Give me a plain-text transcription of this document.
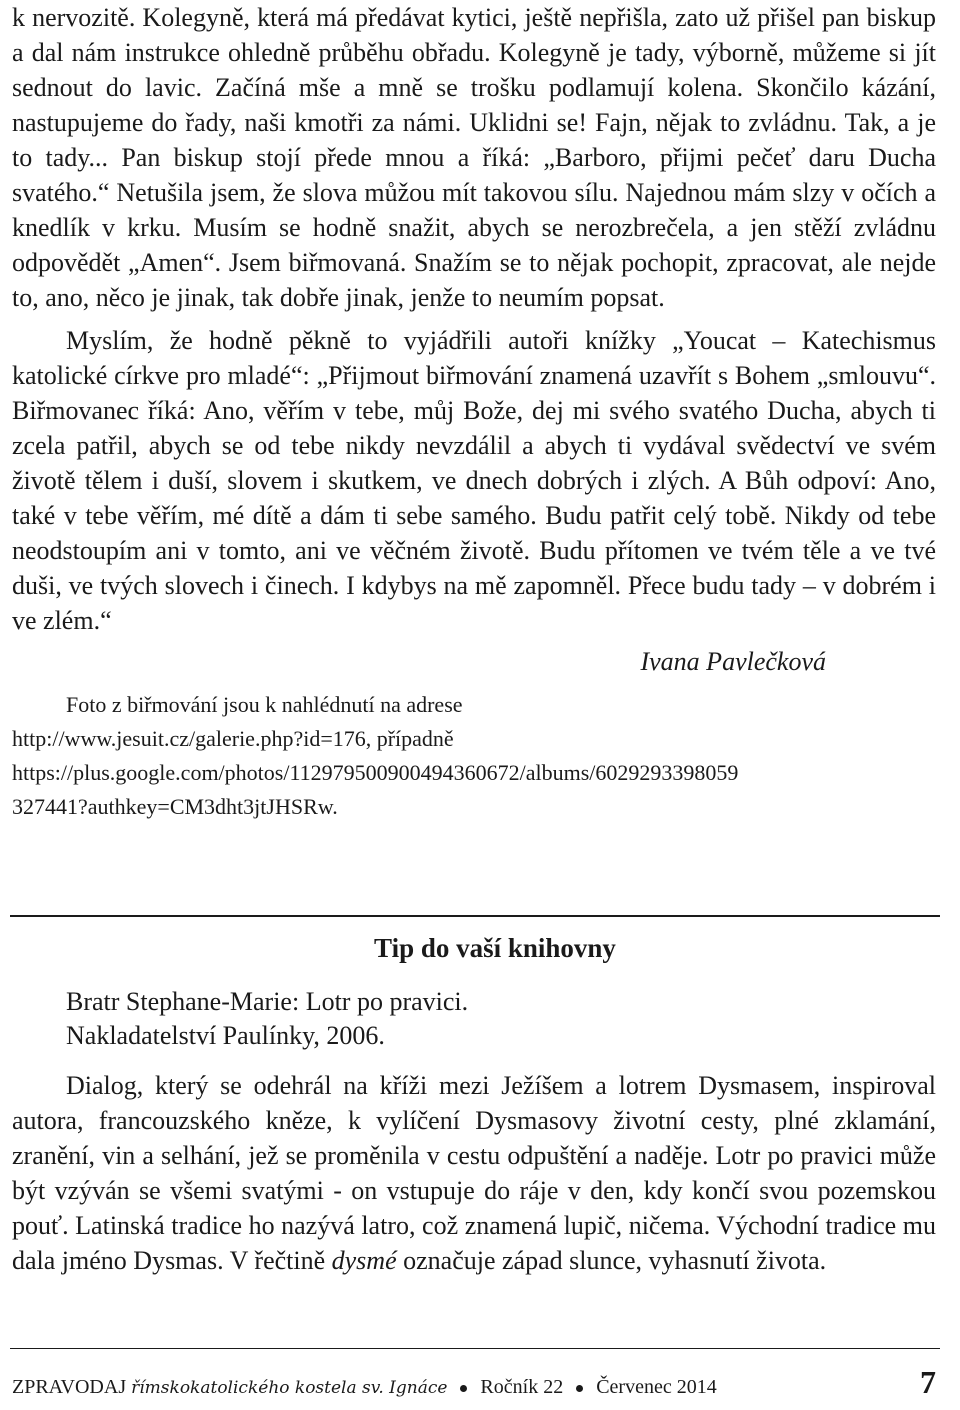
k nervozitě. Kolegyně, která má předávat kytici, ještě nepřišla, zato už přišel pan biskup a dal nám instrukce ohledně průběhu obřadu. Kolegyně je tady, výborně, můžeme si jít sednout do lavic. Začíná mše a mně se trošku podlamují kolena. Skončilo kázání, nastupujeme do řady, naši kmotři za námi. Uklidni se! Fajn, nějak to zvládnu. Tak, a je to tady... Pan biskup stojí přede mnou a říká: „Barboro, přijmi pečeť daru Ducha svatého.“ Netušila jsem, že slova můžou mít takovou sílu. Najednou mám slzy v očích a knedlík v krku. Musím se hodně snažit, abych se nerozbrečela, a jen stěží zvládnu odpovědět „Amen“. Jsem biřmovaná. Snažím se to nějak pochopit, zpracovat, ale nejde to, ano, něco je jinak, tak dobře jinak, jenže to neumím popsat.

Myslím, že hodně pěkně to vyjádřili autoři knížky „Youcat – Katechismus katolické církve pro mladé“: „Přijmout biřmování znamená uzavřít s Bohem „smlouvu“. Biřmovanec říká: Ano, věřím v tebe, můj Bože, dej mi svého svatého Ducha, abych ti zcela patřil, abych se od tebe nikdy nevzdálil a abych ti vydával svědectví ve svém životě tělem i duší, slovem i skutkem, ve dnech dobrých i zlých. A Bůh odpoví: Ano, také v tebe věřím, mé dítě a dám ti sebe samého. Budu patřit celý tobě. Nikdy od tebe neodstoupím ani v tomto, ani ve věčném životě. Budu přítomen ve tvém těle a ve tvé duši, ve tvých slovech i činech. I kdybys na mě zapomněl. Přece budu tady – v dobrém i ve zlém.“

Ivana Pavlečková
Foto z biřmování jsou k nahlédnutí na adrese
http://www.jesuit.cz/galerie.php?id=176, případně
https://plus.google.com/photos/112979500900494360672/albums/6029293398059
327441?authkey=CM3dht3jtJHSRw.
Tip do vaší knihovny
Bratr Stephane-Marie: Lotr po pravici.
Nakladatelství Paulínky, 2006.

Dialog, který se odehrál na kříži mezi Ježíšem a lotrem Dysmasem, inspiroval autora, francouzského kněze, k vylíčení Dysmasovy životní cesty, plné zklamání, zranění, vin a selhání, jež se proměnila v cestu odpuštění a naděje. Lotr po pravici může být vzýván se všemi svatými - on vstupuje do ráje v den, kdy končí svou pozemskou pouť. Latinská tradice ho nazývá latro, což znamená lupič, ničema. Východní tradice mu dala jméno Dysmas. V řečtině dysmé označuje západ slunce, vyhasnutí života.

ZPRAVODAJ římskokatolického kostela sv. Ignáce Ročník 22 Červenec 2014	7
